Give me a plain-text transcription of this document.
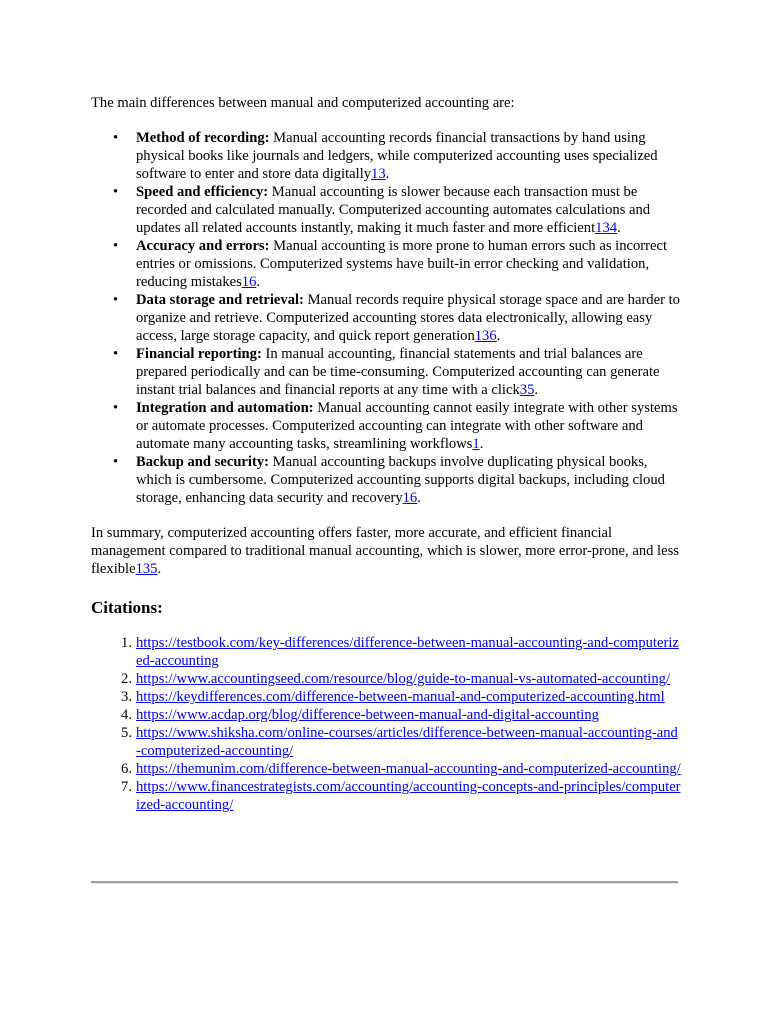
The main differences between manual and computerized accounting are:

• Method of recording: Manual accounting records financial transactions by hand using physical books like journals and ledgers, while computerized accounting uses specialized software to enter and store data digitally13.
• Speed and efficiency: Manual accounting is slower because each transaction must be recorded and calculated manually. Computerized accounting automates calculations and updates all related accounts instantly, making it much faster and more efficient134.
• Accuracy and errors: Manual accounting is more prone to human errors such as incorrect entries or omissions. Computerized systems have built-in error checking and validation, reducing mistakes16.
• Data storage and retrieval: Manual records require physical storage space and are harder to organize and retrieve. Computerized accounting stores data electronically, allowing easy access, large storage capacity, and quick report generation136.
• Financial reporting: In manual accounting, financial statements and trial balances are prepared periodically and can be time-consuming. Computerized accounting can generate instant trial balances and financial reports at any time with a click35.
• Integration and automation: Manual accounting cannot easily integrate with other systems or automate processes. Computerized accounting can integrate with other software and automate many accounting tasks, streamlining workflows1.
• Backup and security: Manual accounting backups involve duplicating physical books, which is cumbersome. Computerized accounting supports digital backups, including cloud storage, enhancing data security and recovery16.

In summary, computerized accounting offers faster, more accurate, and efficient financial management compared to traditional manual accounting, which is slower, more error-prone, and less flexible135.

Citations:
1. https://testbook.com/key-differences/difference-between-manual-accounting-and-computerized-accounting
2. https://www.accountingseed.com/resource/blog/guide-to-manual-vs-automated-accounting/
3. https://keydifferences.com/difference-between-manual-and-computerized-accounting.html
4. https://www.acdap.org/blog/difference-between-manual-and-digital-accounting
5. https://www.shiksha.com/online-courses/articles/difference-between-manual-accounting-and-computerized-accounting/
6. https://themunim.com/difference-between-manual-accounting-and-computerized-accounting/
7. https://www.financestrategists.com/accounting/accounting-concepts-and-principles/computerized-accounting/
